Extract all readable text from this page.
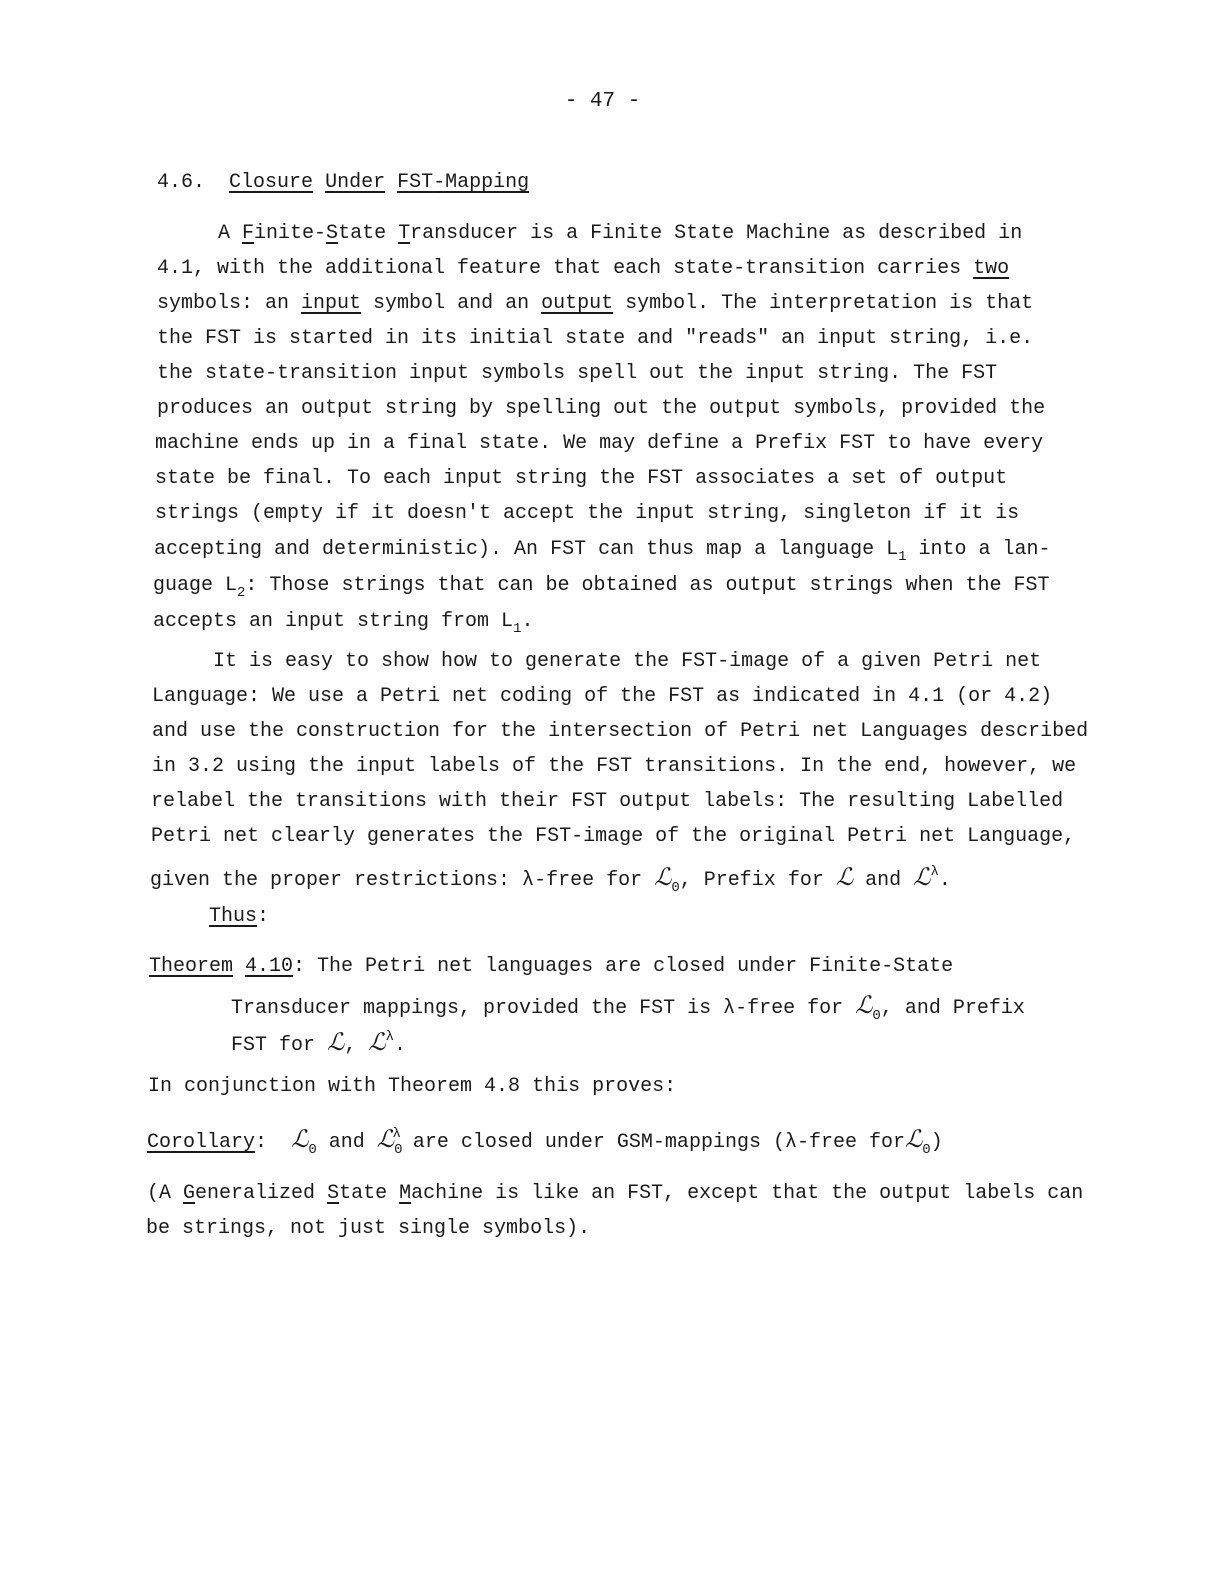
- 47 -
4.6. Closure Under FST-Mapping
A Finite-State Transducer is a Finite State Machine as described in
4.1, with the additional feature that each state-transition carries two
symbols: an input symbol and an output symbol. The interpretation is that
the FST is started in its initial state and "reads" an input string, i.e.
the state-transition input symbols spell out the input string. The FST
produces an output string by spelling out the output symbols, provided the
machine ends up in a final state. We may define a Prefix FST to have every
state be final. To each input string the FST associates a set of output
strings (empty if it doesn't accept the input string, singleton if it is
accepting and deterministic). An FST can thus map a language $L_1$ into a lan-
guage $L_2$: Those strings that can be obtained as output strings when the FST
accepts an input string from $L_1$.
It is easy to show how to generate the FST-image of a given Petri net
Language: We use a Petri net coding of the FST as indicated in 4.1 (or 4.2)
and use the construction for the intersection of Petri net Languages described
in 3.2 using the input labels of the FST transitions. In the end, however, we
relabel the transitions with their FST output labels: The resulting Labelled
Petri net clearly generates the FST-image of the original Petri net Language,
given the proper restrictions: λ-free for ℒ$_0$, Prefix for ℒ and ℒ$^\lambda$.
Thus:
Theorem 4.10: The Petri net languages are closed under Finite-State
Transducer mappings, provided the FST is λ-free for ℒ$_0$, and Prefix
FST for ℒ, ℒ$^\lambda$.
In conjunction with Theorem 4.8 this proves:
Corollary: ℒ$_0$ and ℒ$_0^\lambda$ are closed under GSM-mappings (λ-free forℒ$_0$)
(A Generalized State Machine is like an FST, except that the output labels can
be strings, not just single symbols).
